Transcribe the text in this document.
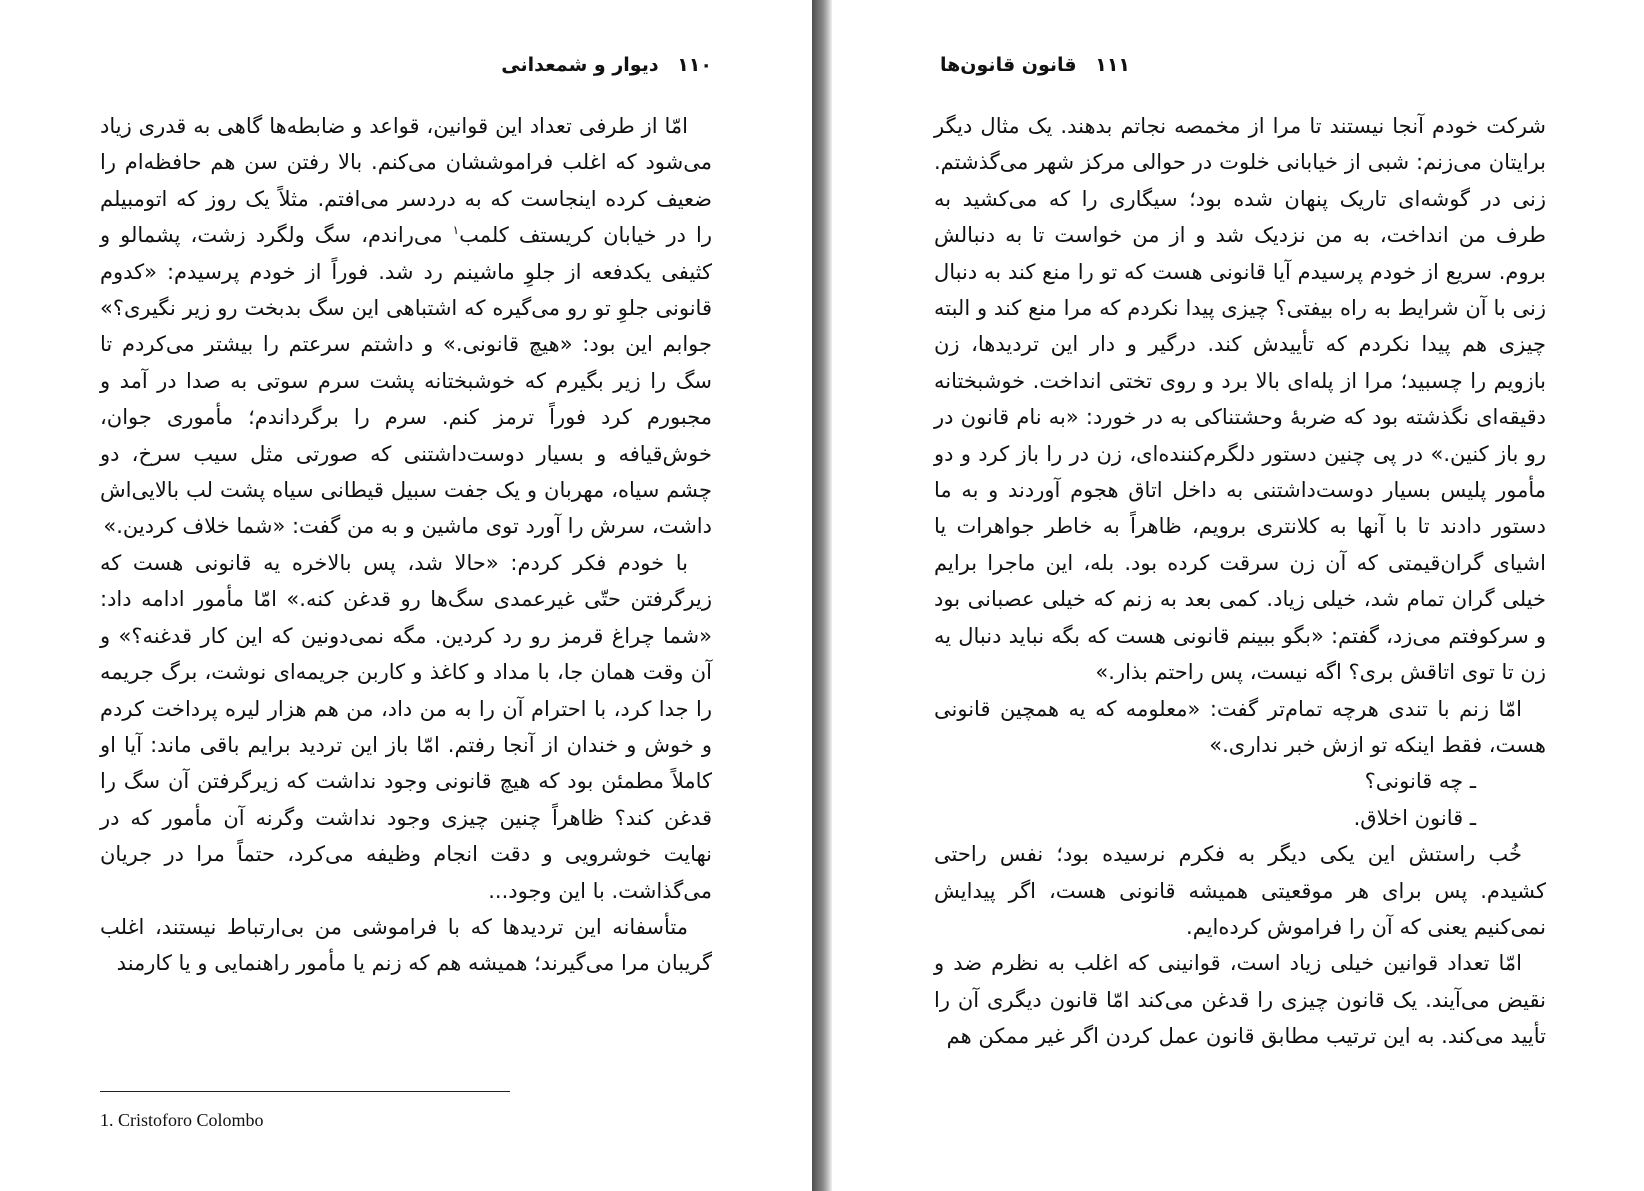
۱۱۰ دیوار و شمعدانی

امّا از طرفی تعداد این قوانین، قواعد و ضابطه‌ها گاهی به قدری زیاد می‌شود که اغلب فراموششان می‌کنم. بالا رفتن سن هم حافظه‌ام را ضعیف کرده اینجاست که به دردسر می‌افتم. مثلاً یک روز که اتومبیلم را در خیابان کریستف کلمب$^۱$ می‌راندم، سگ ولگرد زشت، پشمالو و کثیفی یکدفعه از جلوِ ماشینم رد شد. فوراً از خودم پرسیدم: «کدوم قانونی جلوِ تو رو می‌گیره که اشتباهی این سگ بدبخت رو زیر نگیری؟» جوابم این بود: «هیچ قانونی.» و داشتم سرعتم را بیشتر می‌کردم تا سگ را زیر بگیرم که خوشبختانه پشت سرم سوتی به صدا در آمد و مجبورم کرد فوراً ترمز کنم. سرم را برگرداندم؛ مأموری جوان، خوش‌قیافه و بسیار دوست‌داشتنی که صورتی مثل سیب سرخ، دو چشم سیاه، مهربان و یک جفت سبیل قیطانی سیاه پشت لب بالایی‌اش داشت، سرش را آورد توی ماشین و به من گفت: «شما خلاف کردین.»

با خودم فکر کردم: «حالا شد، پس بالاخره یه قانونی هست که زیرگرفتن حتّی غیرعمدی سگ‌ها رو قدغن کنه.» امّا مأمور ادامه داد: «شما چراغ قرمز رو رد کردین. مگه نمی‌دونین که این کار قدغنه؟» و آن وقت همان جا، با مداد و کاغذ و کاربن جریمه‌ای نوشت، برگ جریمه را جدا کرد، با احترام آن را به من داد، من هم هزار لیره پرداخت کردم و خوش و خندان از آنجا رفتم. امّا باز این تردید برایم باقی ماند: آیا او کاملاً مطمئن بود که هیچ قانونی وجود نداشت که زیرگرفتن آن سگ را قدغن کند؟ ظاهراً چنین چیزی وجود نداشت وگرنه آن مأمور که در نهایت خوشرویی و دقت انجام وظیفه می‌کرد، حتماً مرا در جریان می‌گذاشت. با این وجود...

متأسفانه این تردیدها که با فراموشی من بی‌ارتباط نیستند، اغلب گریبان مرا می‌گیرند؛ همیشه هم که زنم یا مأمور راهنمایی و یا کارمند

1. Cristoforo Colombo
۱۱۱ قانون قانون‌ها

شرکت خودم آنجا نیستند تا مرا از مخمصه نجاتم بدهند. یک مثال دیگر برایتان می‌زنم: شبی از خیابانی خلوت در حوالی مرکز شهر می‌گذشتم. زنی در گوشه‌ای تاریک پنهان شده بود؛ سیگاری را که می‌کشید به طرف من انداخت، به من نزدیک شد و از من خواست تا به دنبالش بروم. سریع از خودم پرسیدم آیا قانونی هست که تو را منع کند به دنبال زنی با آن شرایط به راه بیفتی؟ چیزی پیدا نکردم که مرا منع کند و البته چیزی هم پیدا نکردم که تأییدش کند. درگیر و دار این تردیدها، زن بازویم را چسبید؛ مرا از پله‌ای بالا برد و روی تختی انداخت. خوشبختانه دقیقه‌ای نگذشته بود که ضربهٔ وحشتناکی به در خورد: «به نام قانون در رو باز کنین.» در پی چنین دستور دلگرم‌کننده‌ای، زن در را باز کرد و دو مأمور پلیس بسیار دوست‌داشتنی به داخل اتاق هجوم آوردند و به ما دستور دادند تا با آنها به کلانتری برویم، ظاهراً به خاطر جواهرات یا اشیای گران‌قیمتی که آن زن سرقت کرده بود. بله، این ماجرا برایم خیلی گران تمام شد، خیلی زیاد. کمی بعد به زنم که خیلی عصبانی بود و سرکوفتم می‌زد، گفتم: «بگو ببینم قانونی هست که بگه نباید دنبال یه زن تا توی اتاقش بری؟ اگه نیست، پس راحتم بذار.»

امّا زنم با تندی هرچه تمام‌تر گفت: «معلومه که یه همچین قانونی هست، فقط اینکه تو ازش خبر نداری.»

ـ چه قانونی؟

ـ قانون اخلاق.

خُب راستش این یکی دیگر به فکرم نرسیده بود؛ نفس راحتی کشیدم. پس برای هر موقعیتی همیشه قانونی هست، اگر پیدایش نمی‌کنیم یعنی که آن را فراموش کرده‌ایم.

امّا تعداد قوانین خیلی زیاد است، قوانینی که اغلب به نظرم ضد و نقیض می‌آیند. یک قانون چیزی را قدغن می‌کند امّا قانون دیگری آن را تأیید می‌کند. به این ترتیب مطابق قانون عمل کردن اگر غیر ممکن هم
